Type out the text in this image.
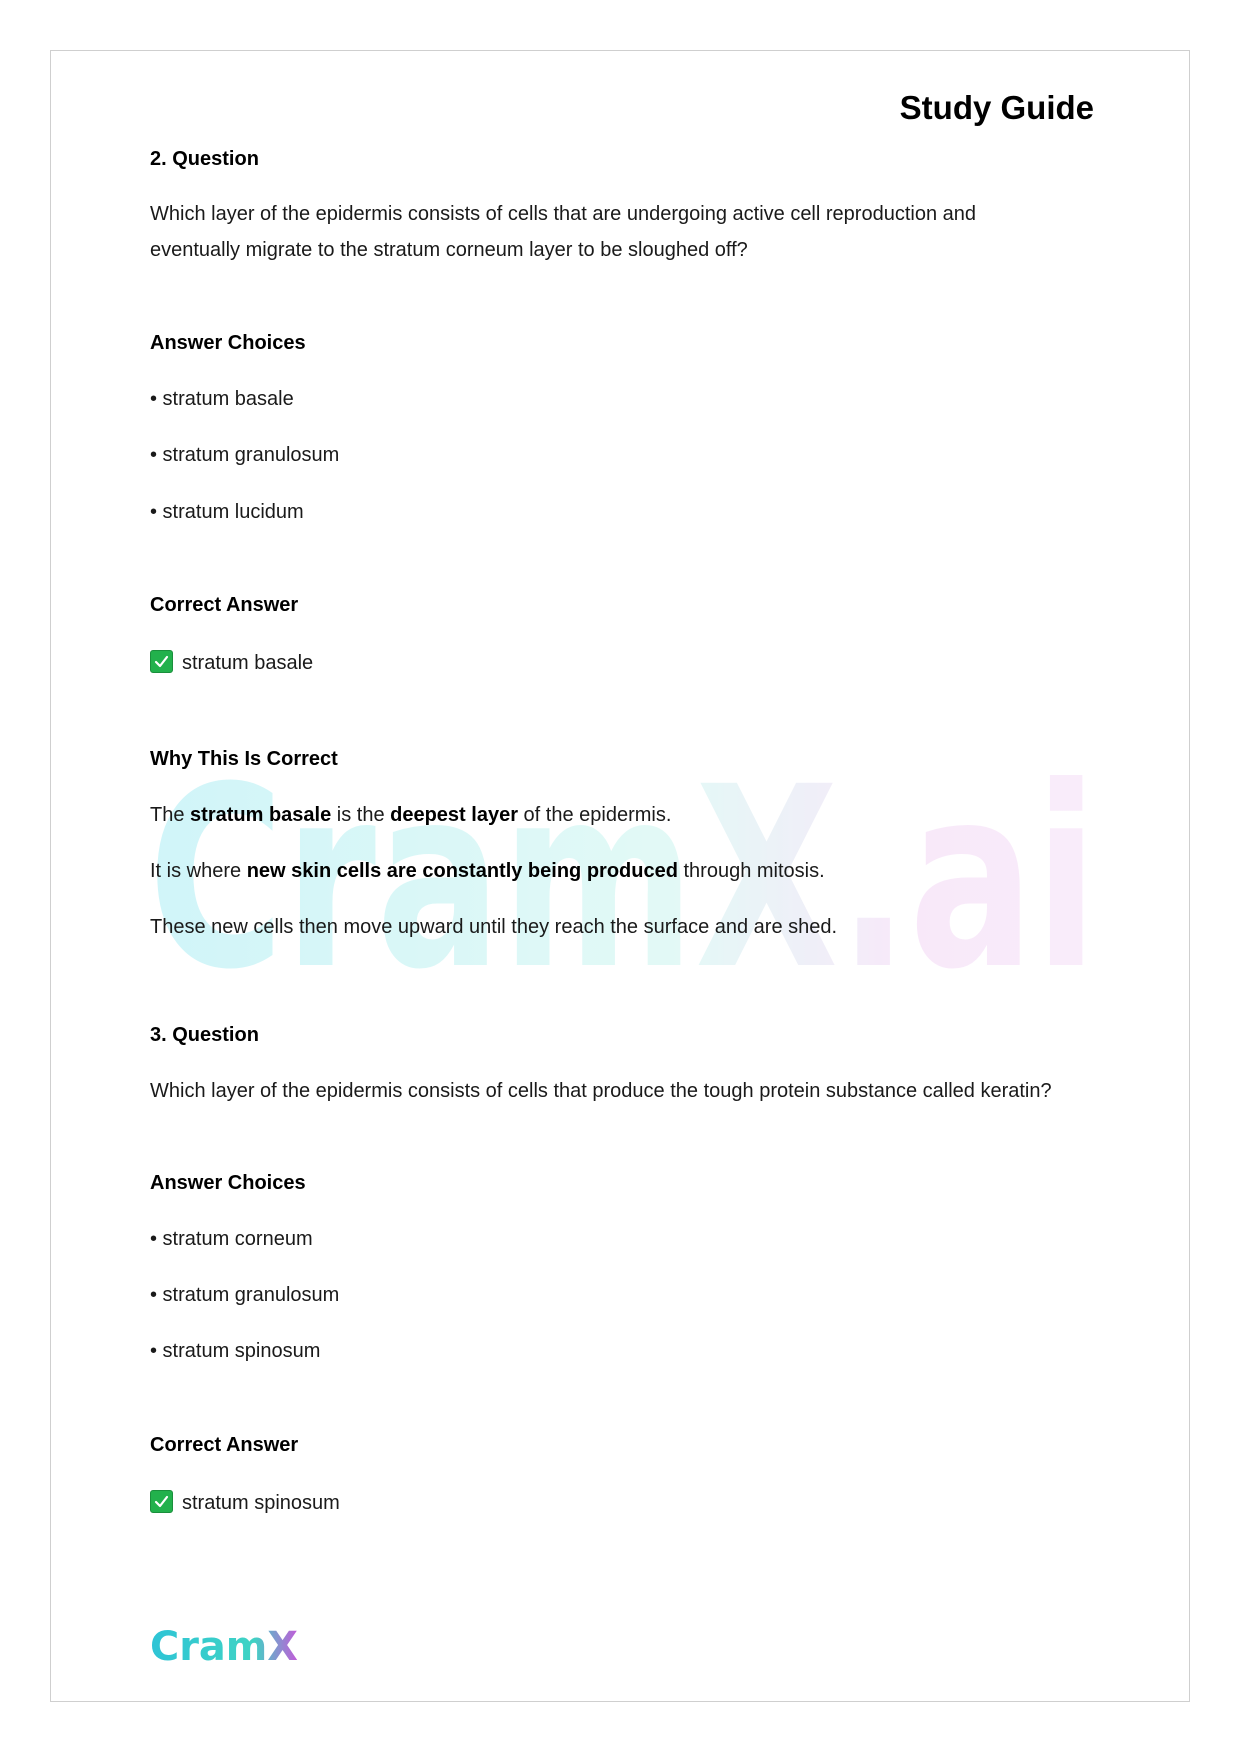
CramX.ai
Study Guide

2. Question

Which layer of the epidermis consists of cells that are undergoing active cell reproduction and

eventually migrate to the stratum corneum layer to be sloughed off?

Answer Choices

• stratum basale

• stratum granulosum

• stratum lucidum

Correct Answer

stratum basale

Why This Is Correct

The stratum basale is the deepest layer of the epidermis.

It is where new skin cells are constantly being produced through mitosis.

These new cells then move upward until they reach the surface and are shed.

3. Question

Which layer of the epidermis consists of cells that produce the tough protein substance called keratin?

Answer Choices

• stratum corneum

• stratum granulosum

• stratum spinosum

Correct Answer

stratum spinosum

CramX
